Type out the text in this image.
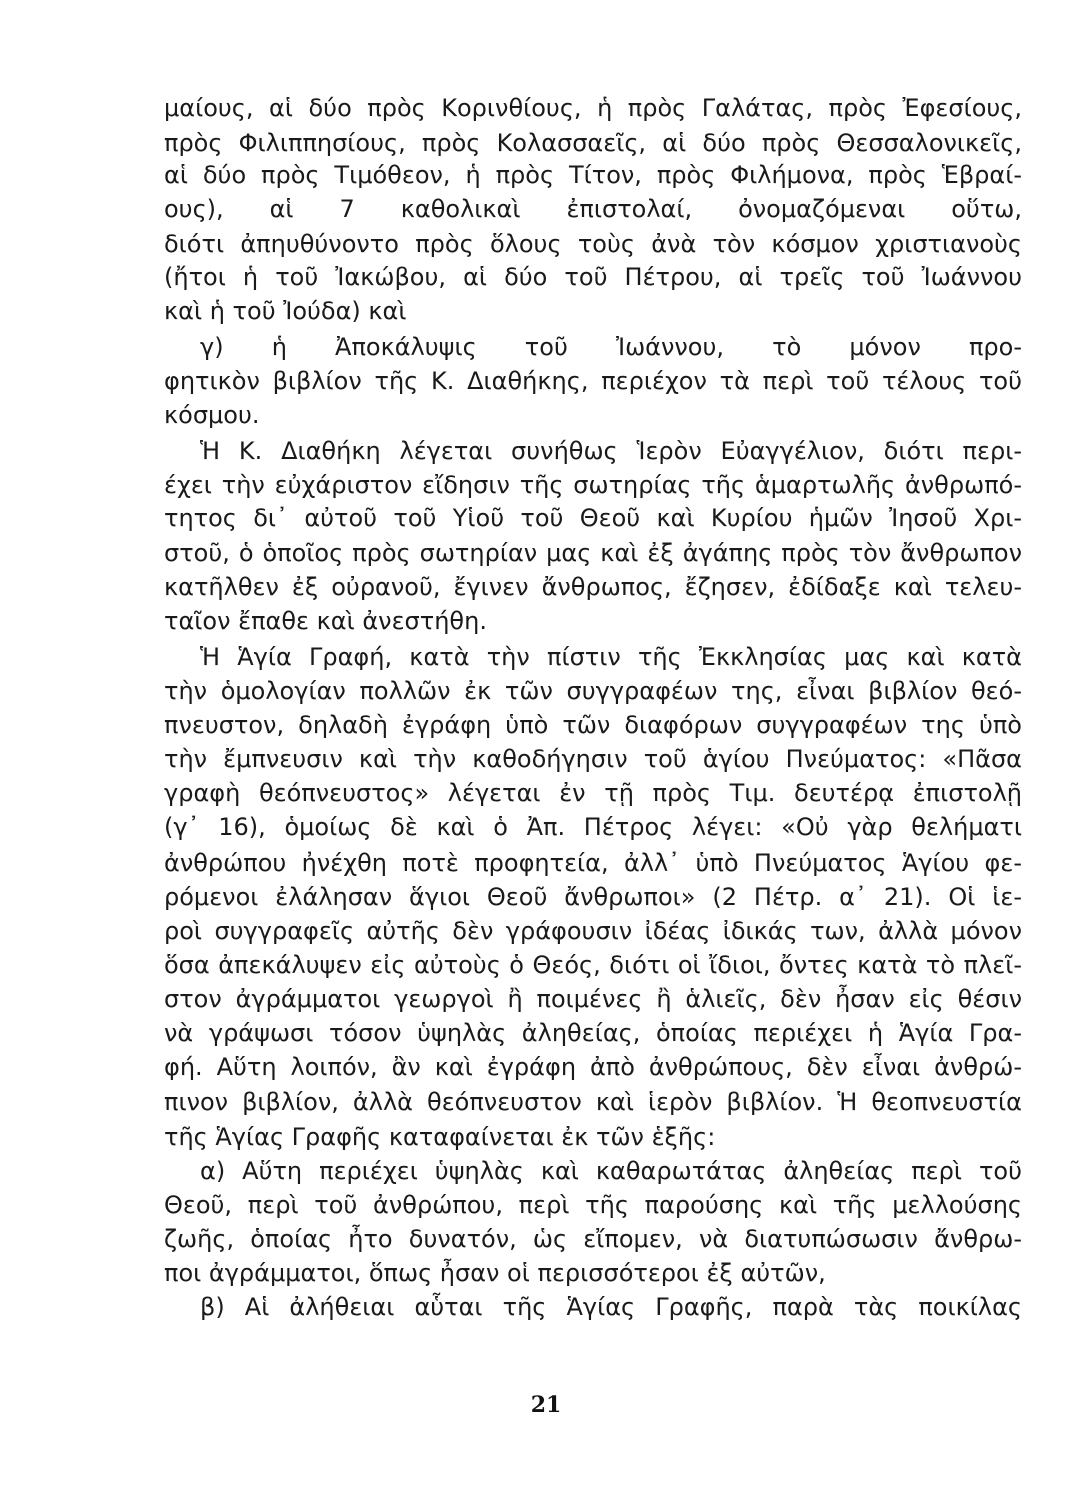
μαίους, αἱ δύο πρὸς Κορινθίους, ἡ πρὸς Γαλάτας, πρὸς Ἐφεσίους,
πρὸς Φιλιππησίους, πρὸς Κολασσαεῖς, αἱ δύο πρὸς Θεσσαλονικεῖς,
αἱ δύο πρὸς Τιμόθεον, ἡ πρὸς Τίτον, πρὸς Φιλήμονα, πρὸς Ἑβραί-
ους), αἱ 7 καθολικαὶ ἐπιστολαί, ὀνομαζόμεναι οὕτω,
διότι ἀπηυθύνοντο πρὸς ὅλους τοὺς ἀνὰ τὸν κόσμον χριστιανοὺς
(ἤτοι ἡ τοῦ Ἰακώβου, αἱ δύο τοῦ Πέτρου, αἱ τρεῖς τοῦ Ἰωάννου
καὶ ἡ τοῦ Ἰούδα) καὶ
γ) ἡ Ἀποκάλυψις τοῦ Ἰωάννου, τὸ μόνον προ-
φητικὸν βιβλίον τῆς Κ. Διαθήκης, περιέχον τὰ περὶ τοῦ τέλους τοῦ
κόσμου.
Ἡ Κ. Διαθήκη λέγεται συνήθως Ἱερὸν Εὐαγγέλιον, διότι περι-
έχει τὴν εὐχάριστον εἴδησιν τῆς σωτηρίας τῆς ἁμαρτωλῆς ἀνθρωπό-
τητος δι᾽ αὐτοῦ τοῦ Υἱοῦ τοῦ Θεοῦ καὶ Κυρίου ἡμῶν Ἰησοῦ Χρι-
στοῦ, ὁ ὁποῖος πρὸς σωτηρίαν μας καὶ ἐξ ἀγάπης πρὸς τὸν ἄνθρωπον
κατῆλθεν ἐξ οὐρανοῦ, ἔγινεν ἄνθρωπος, ἔζησεν, ἐδίδαξε καὶ τελευ-
ταῖον ἔπαθε καὶ ἀνεστήθη.
Ἡ Ἁγία Γραφή, κατὰ τὴν πίστιν τῆς Ἐκκλησίας μας καὶ κατὰ
τὴν ὁμολογίαν πολλῶν ἐκ τῶν συγγραφέων της, εἶναι βιβλίον θεό-
πνευστον, δηλαδὴ ἐγράφη ὑπὸ τῶν διαφόρων συγγραφέων της ὑπὸ
τὴν ἔμπνευσιν καὶ τὴν καθοδήγησιν τοῦ ἁγίου Πνεύματος: «Πᾶσα
γραφὴ θεόπνευστος» λέγεται ἐν τῇ πρὸς Τιμ. δευτέρᾳ ἐπιστολῇ
(γ᾽ 16), ὁμοίως δὲ καὶ ὁ Ἀπ. Πέτρος λέγει: «Οὐ γὰρ θελήματι
ἀνθρώπου ἠνέχθη ποτὲ προφητεία, ἀλλ᾽ ὑπὸ Πνεύματος Ἁγίου φε-
ρόμενοι ἐλάλησαν ἅγιοι Θεοῦ ἄνθρωποι» (2 Πέτρ. α᾽ 21). Οἱ ἱε-
ροὶ συγγραφεῖς αὐτῆς δὲν γράφουσιν ἰδέας ἰδικάς των, ἀλλὰ μόνον
ὅσα ἀπεκάλυψεν εἰς αὐτοὺς ὁ Θεός, διότι οἱ ἴδιοι, ὄντες κατὰ τὸ πλεῖ-
στον ἀγράμματοι γεωργοὶ ἢ ποιμένες ἢ ἁλιεῖς, δὲν ἦσαν εἰς θέσιν
νὰ γράψωσι τόσον ὑψηλὰς ἀληθείας, ὁποίας περιέχει ἡ Ἁγία Γρα-
φή. Αὕτη λοιπόν, ἂν καὶ ἐγράφη ἀπὸ ἀνθρώπους, δὲν εἶναι ἀνθρώ-
πινον βιβλίον, ἀλλὰ θεόπνευστον καὶ ἱερὸν βιβλίον. Ἡ θεοπνευστία
τῆς Ἁγίας Γραφῆς καταφαίνεται ἐκ τῶν ἑξῆς:
α) Αὕτη περιέχει ὑψηλὰς καὶ καθαρωτάτας ἀληθείας περὶ τοῦ
Θεοῦ, περὶ τοῦ ἀνθρώπου, περὶ τῆς παρούσης καὶ τῆς μελλούσης
ζωῆς, ὁποίας ἦτο δυνατόν, ὡς εἴπομεν, νὰ διατυπώσωσιν ἄνθρω-
ποι ἀγράμματοι, ὅπως ἦσαν οἱ περισσότεροι ἐξ αὐτῶν,
β) Αἱ ἀλήθειαι αὗται τῆς Ἁγίας Γραφῆς, παρὰ τὰς ποικίλας
21
